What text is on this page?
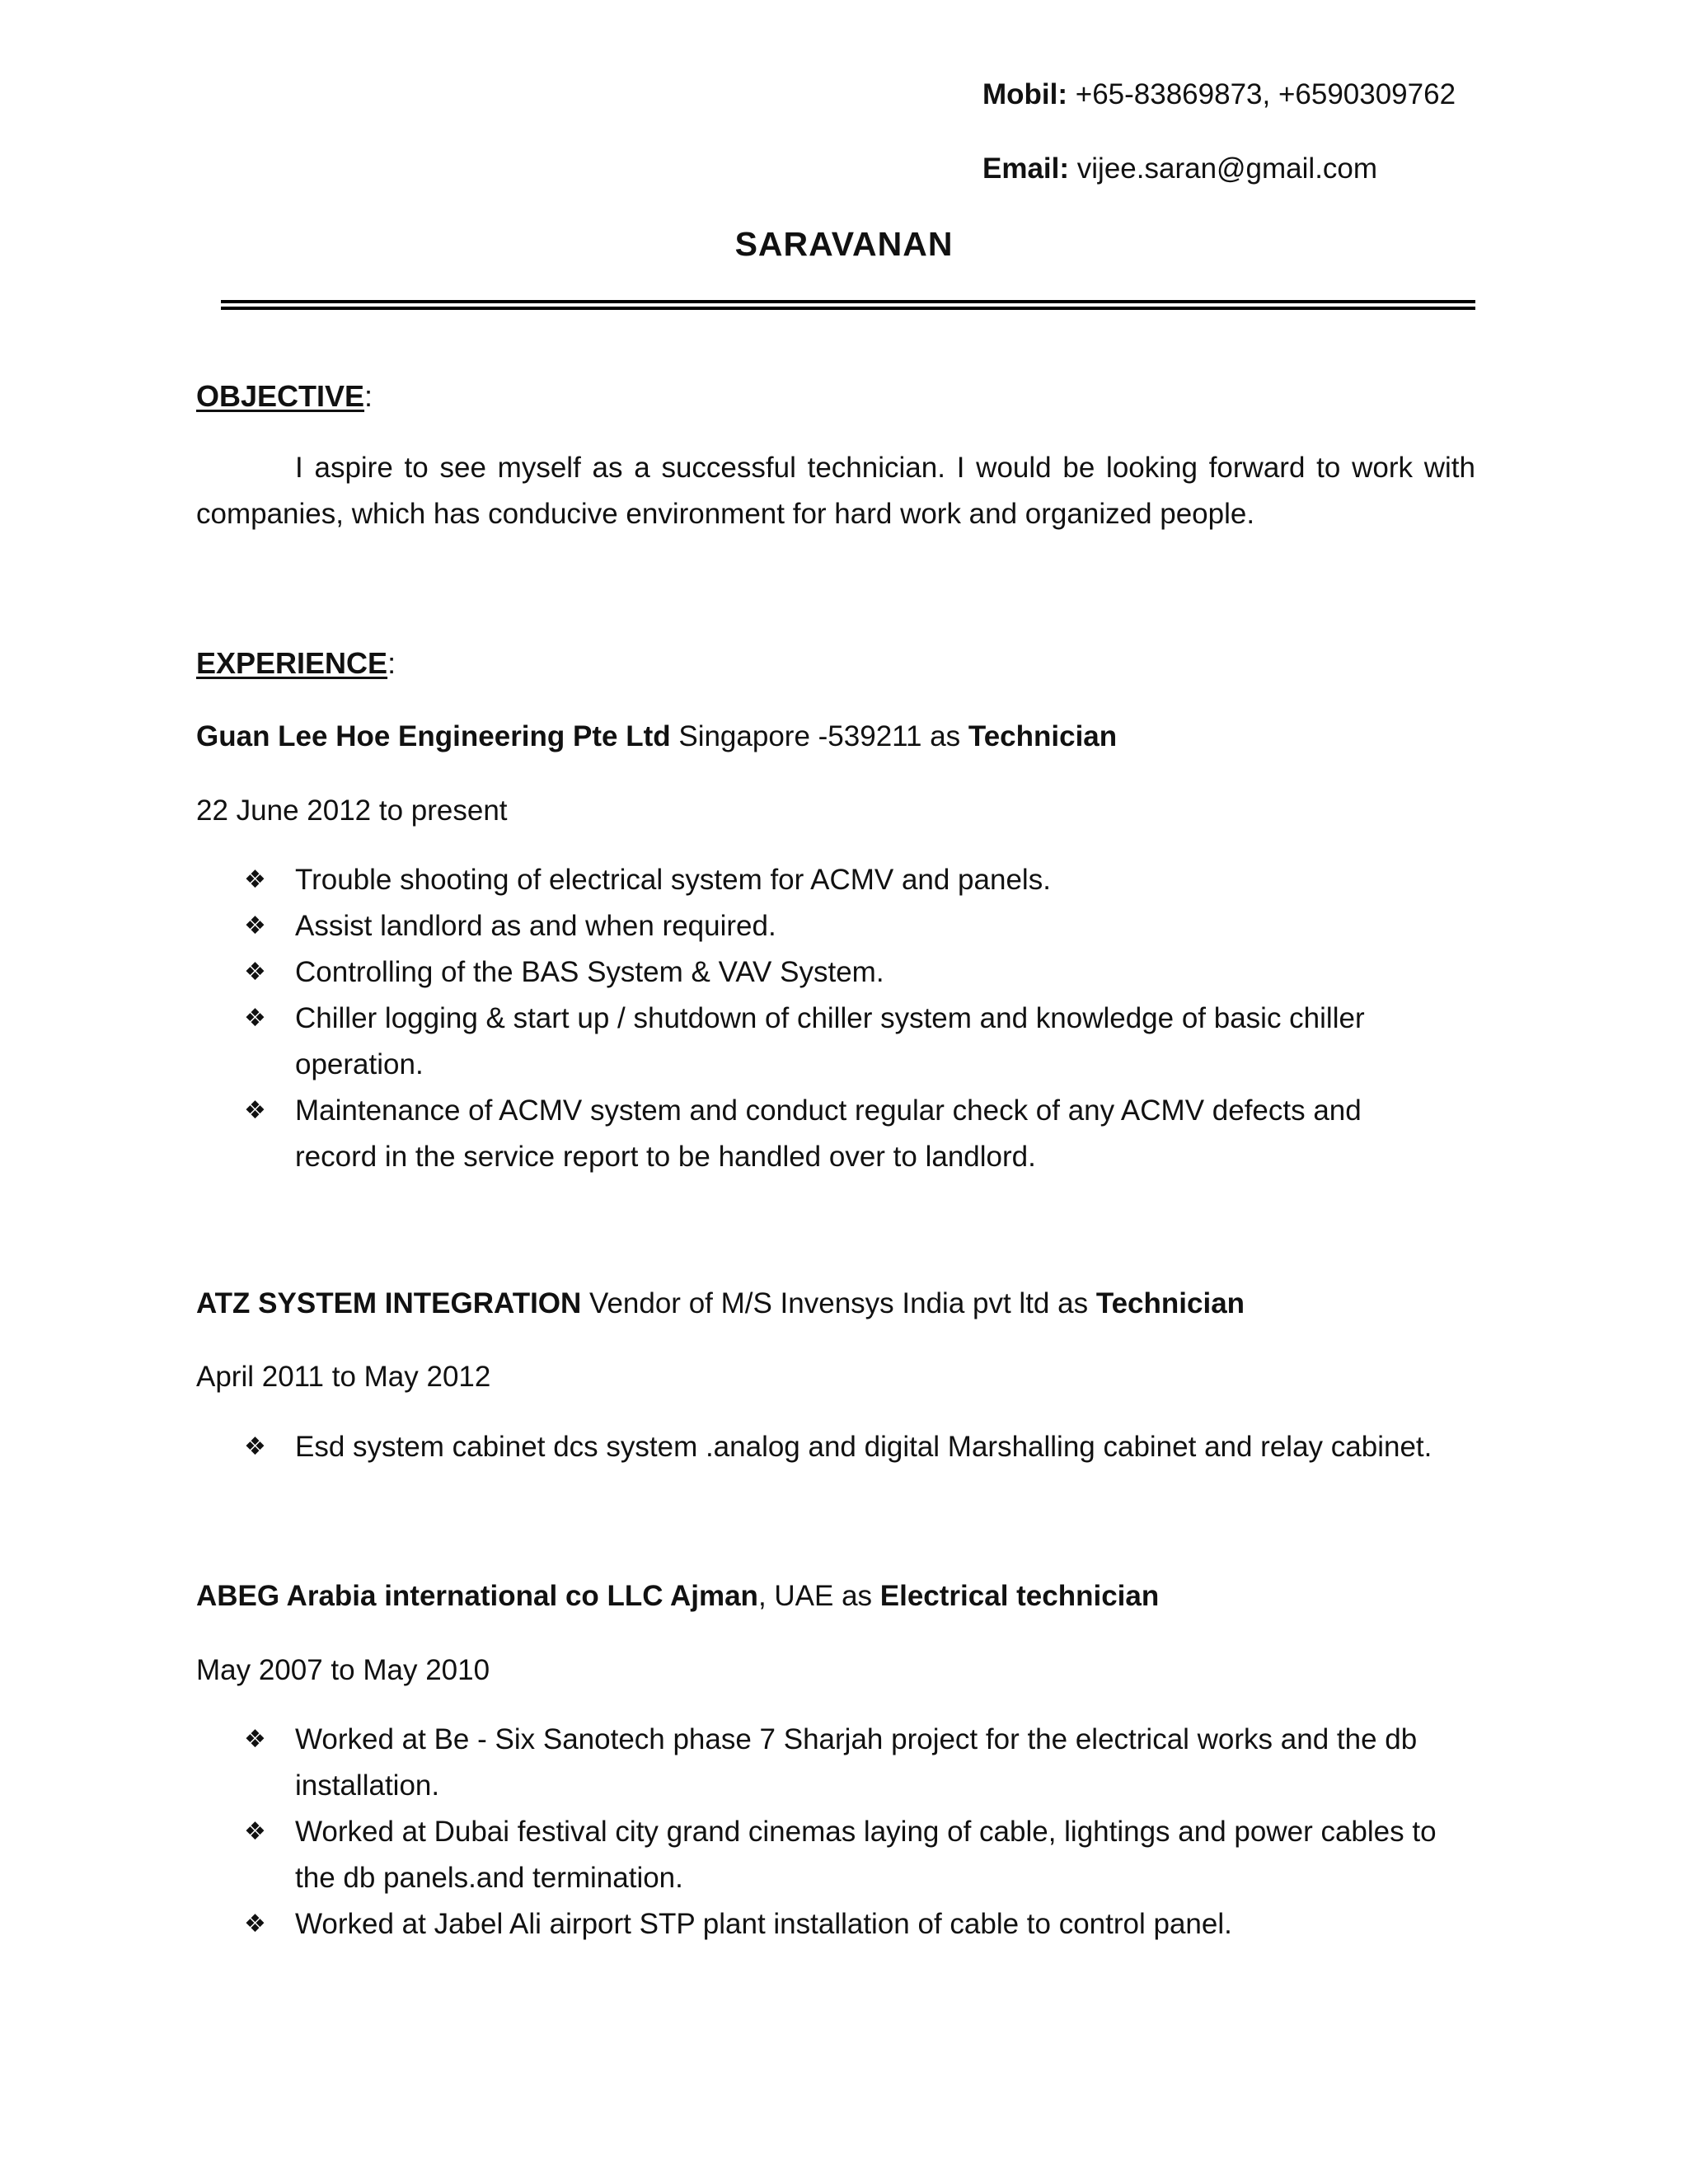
Mobil: +65-83869873, +6590309762
Email: vijee.saran@gmail.com
SARAVANAN
OBJECTIVE:
I aspire to see myself as a successful technician. I would be looking forward to work with companies, which has conducive environment for hard work and organized people.
EXPERIENCE:
Guan Lee Hoe Engineering Pte Ltd Singapore -539211 as Technician
22 June 2012 to present
❖ Trouble shooting of electrical system for ACMV and panels.
❖ Assist landlord as and when required.
❖ Controlling of the BAS System & VAV System.
❖ Chiller logging & start up / shutdown of chiller system and knowledge of basic chiller operation.
❖ Maintenance of ACMV system and conduct regular check of any ACMV defects and record in the service report to be handled over to landlord.
ATZ SYSTEM INTEGRATION Vendor of M/S Invensys India pvt ltd as Technician
April 2011 to May 2012
❖ Esd system cabinet dcs system .analog and digital Marshalling cabinet and relay cabinet.
ABEG Arabia international co LLC Ajman, UAE as Electrical technician
May 2007 to May 2010
❖ Worked at Be - Six Sanotech phase 7 Sharjah project for the electrical works and the db installation.
❖ Worked at Dubai festival city grand cinemas laying of cable, lightings and power cables to the db panels.and termination.
❖ Worked at Jabel Ali airport STP plant installation of cable to control panel.
